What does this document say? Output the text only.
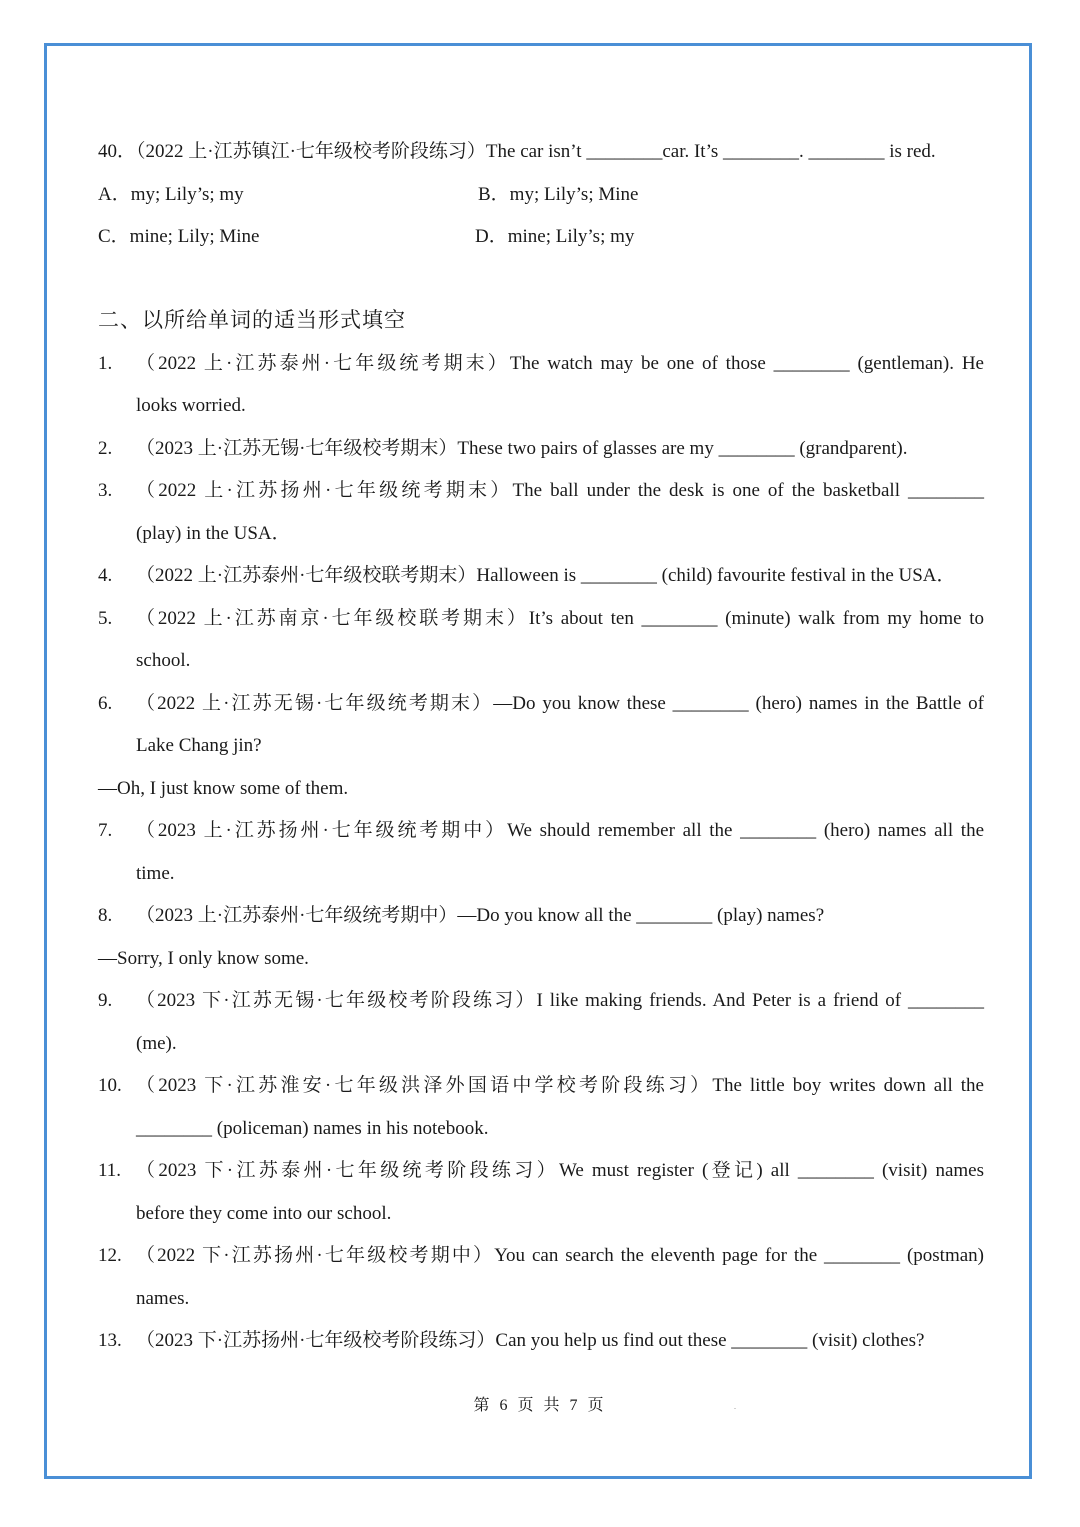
40．（2022 上·江苏镇江·七年级校考阶段练习）The car isn’t ________car. It’s ________. ________ is red.
A．my; Lily’s; my	B．my; Lily’s; Mine
C．mine; Lily; Mine	D．mine; Lily’s; my
二、以所给单词的适当形式填空
1.	（2022 上·江苏泰州·七年级统考期末）The watch may be one of those ________ (gentleman). He
looks worried.
2.	（2023 上·江苏无锡·七年级校考期末）These two pairs of glasses are my ________ (grandparent).
3.	（2022 上·江苏扬州·七年级统考期末）The ball under the desk is one of the basketball ________
(play) in the USA．
4.	（2022 上·江苏泰州·七年级校联考期末）Halloween is ________ (child) favourite festival in the USA．
5.	（2022 上·江苏南京·七年级校联考期末）It’s about ten ________ (minute) walk from my home to
school.
6.	（2022 上·江苏无锡·七年级统考期末）—Do you know these ________ (hero) names in the Battle of
Lake Chang jin?
—Oh, I just know some of them.
7.	（2023 上·江苏扬州·七年级统考期中）We should remember all the ________ (hero) names all the
time.
8.	（2023 上·江苏泰州·七年级统考期中）—Do you know all the ________ (play) names?
—Sorry, I only know some.
9.	（2023 下·江苏无锡·七年级校考阶段练习）I like making friends. And Peter is a friend of ________
(me).
10. （2023 下·江苏淮安·七年级洪泽外国语中学校考阶段练习）The little boy writes down all the
________ (policeman) names in his notebook.
11. （2023 下·江苏泰州·七年级统考阶段练习）We must register (登记) all ________ (visit) names
before they come into our school.
12. （2022 下·江苏扬州·七年级校考期中）You can search the eleventh page for the ________ (postman)
names.
13. （2023 下·江苏扬州·七年级校考阶段练习）Can you help us find out these ________ (visit) clothes?
第 6 页 共 7 页	.
